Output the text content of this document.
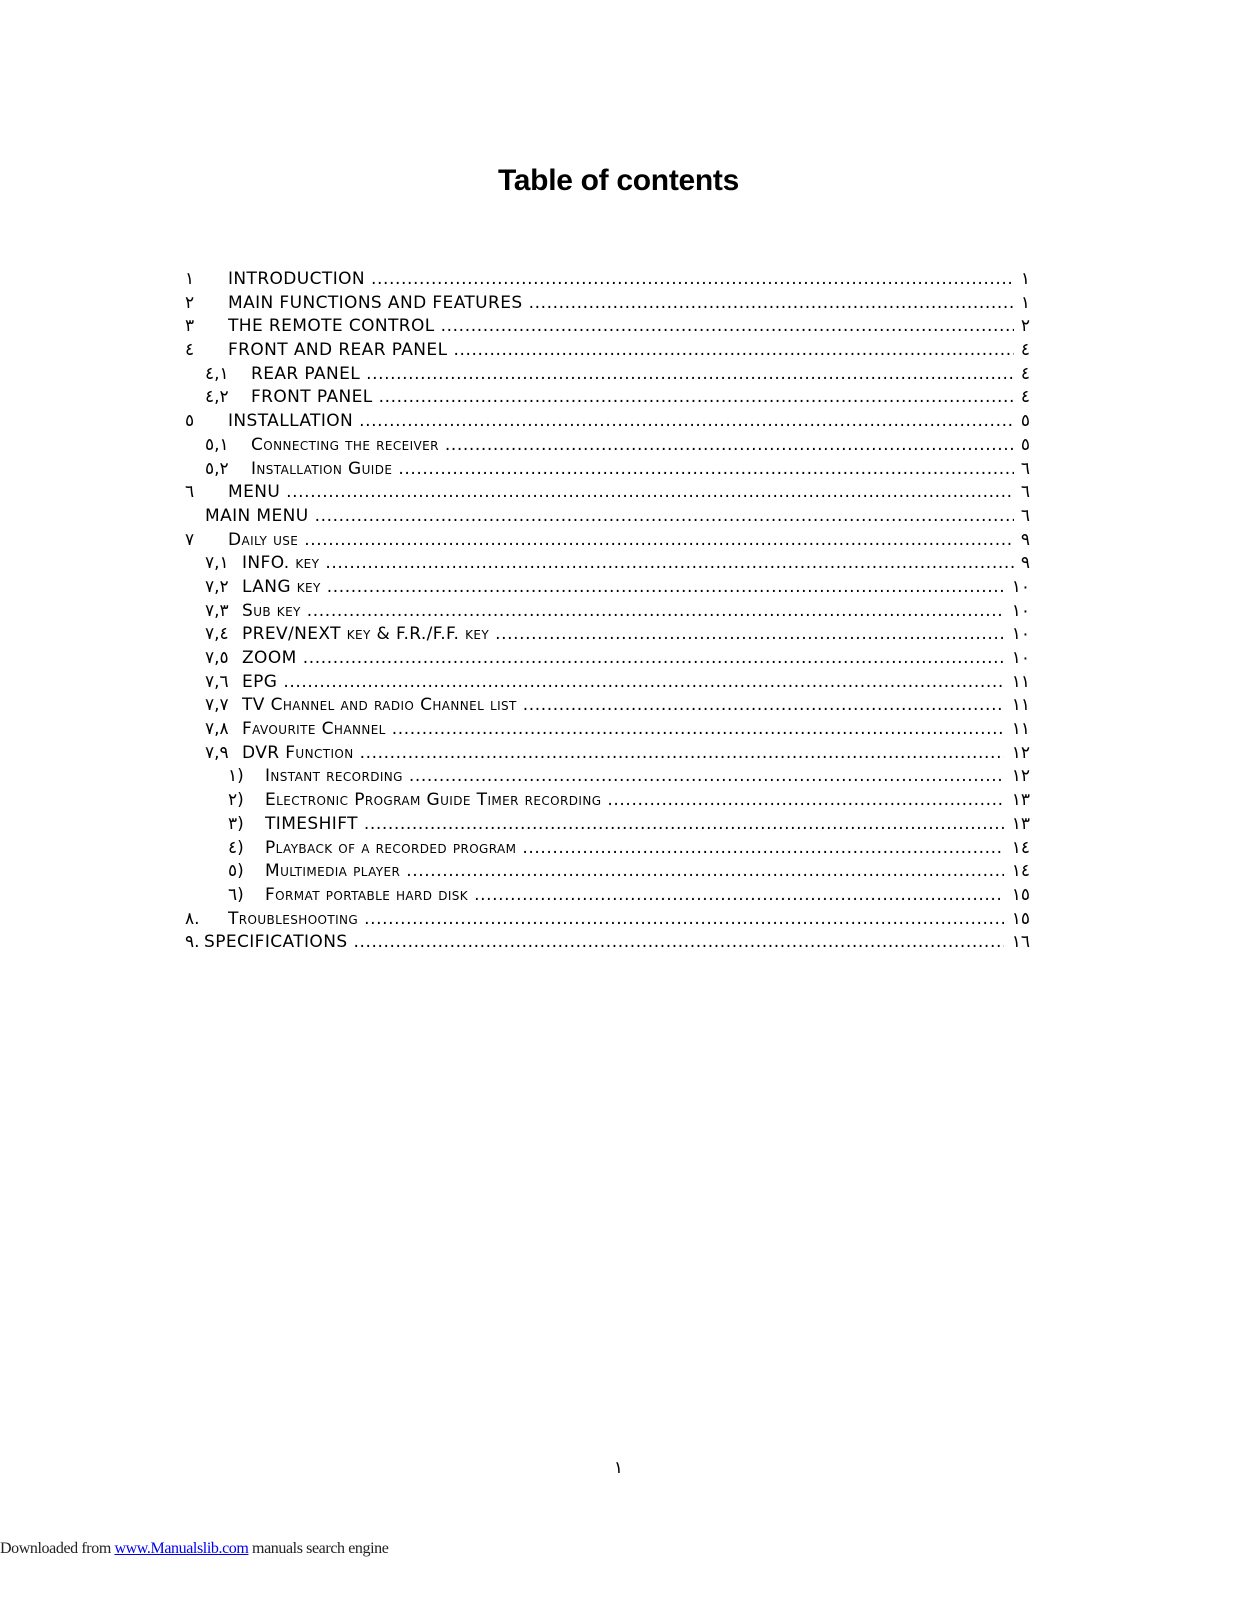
Table of contents
١ INTRODUCTION .....	١
٢ MAIN FUNCTIONS AND FEATURES .....	١
٣ THE REMOTE CONTROL .....	٢
٤ FRONT AND REAR PANEL .....	٤
٤,١ REAR PANEL .....	٤
٤,٢ FRONT PANEL .....	٤
٥ INSTALLATION .....	٥
٥,١ Connecting the receiver .....	٥
٥,٢ Installation Guide .....	٦
٦ MENU .....	٦
MAIN MENU .....	٦
٧ Daily use .....	٩
٧,١ INFO. key .....	٩
٧,٢ LANG key .....	١٠
٧,٣ Sub key .....	١٠
٧,٤ PREV/NEXT key & F.R./F.F. key .....	١٠
٧,٥ ZOOM .....	١٠
٧,٦ EPG .....	١١
٧,٧ TV Channel and radio Channel list .....	١١
٧,٨ Favourite Channel .....	١١
٧,٩ DVR Function .....	١٢
١) Instant recording .....	١٢
٢) Electronic Program Guide Timer recording .....	١٣
٣) TIMESHIFT .....	١٣
٤) Playback of a recorded program .....	١٤
٥) Multimedia player .....	١٤
٦) Format portable hard disk .....	١٥
٨. Troubleshooting .....	١٥
٩. SPECIFICATIONS .....	١٦
١
Downloaded from www.Manualslib.com manuals search engine
